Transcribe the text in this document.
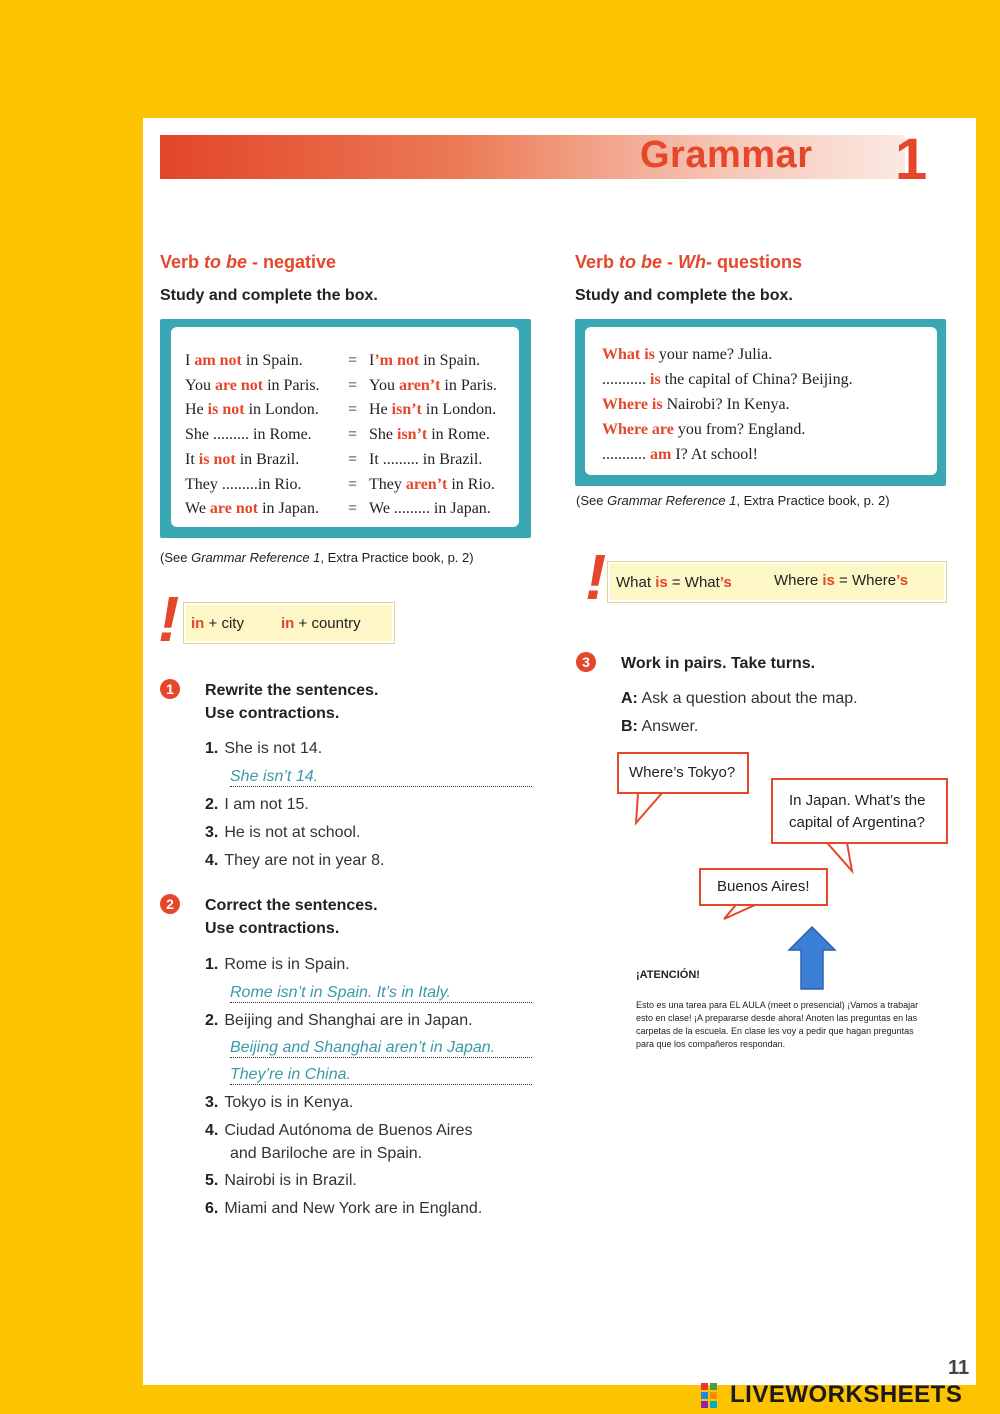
Grammar 1
Verb to be - negative
Study and complete the box.
I am not in Spain.	= I’m not in Spain.
You are not in Paris. = You aren’t in Paris.
He is not in London. = He isn’t in London.
She ......... in Rome. = She isn’t in Rome.
It is not in Brazil.	= It ......... in Brazil.
They .........in Rio.	= They aren’t in Rio.
We are not in Japan. = We ......... in Japan.
(See Grammar Reference 1, Extra Practice book, p. 2)
! in + city in + country
1	Rewrite the sentences.
Use contractions.
1. She is not 14.
2. I am not 15.
3. He is not at school.
4. They are not in year 8.
She isn’t 14.
2	Correct the sentences.
Use contractions.
1. Rome is in Spain.
2. Beijing and Shanghai are in Japan.
3. Tokyo is in Kenya.
4. Ciudad Autónoma de Buenos Aires
and Bariloche are in Spain.
5. Nairobi is in Brazil.
6. Miami and New York are in England.
Rome isn’t in Spain. It’s in Italy.
Beijing and Shanghai aren’t in Japan.
They’re in China.
Verb to be - Wh- questions
Study and complete the box.
What is your name? Julia.
........... is the capital of China? Beijing.
Where is Nairobi? In Kenya.
Where are you from? England.
........... am I? At school!
(See Grammar Reference 1, Extra Practice book, p. 2)
! What is = What’s	Where is = Where’s
3	Work in pairs. Take turns.
A: Ask a question about the map.
B: Answer.
Where’s Tokyo?
In Japan. What’s the
capital of Argentina?
Buenos Aires!
¡ATENCIÓN!
Esto es una tarea para EL AULA (meet o presencial) ¡Vamos a trabajar esto en clase! ¡A prepararse desde ahora! Anoten las preguntas en las carpetas de la escuela. En clase les voy a pedir que hagan preguntas para que los compañeros respondan.
11
LIVEWORKSHEETS
